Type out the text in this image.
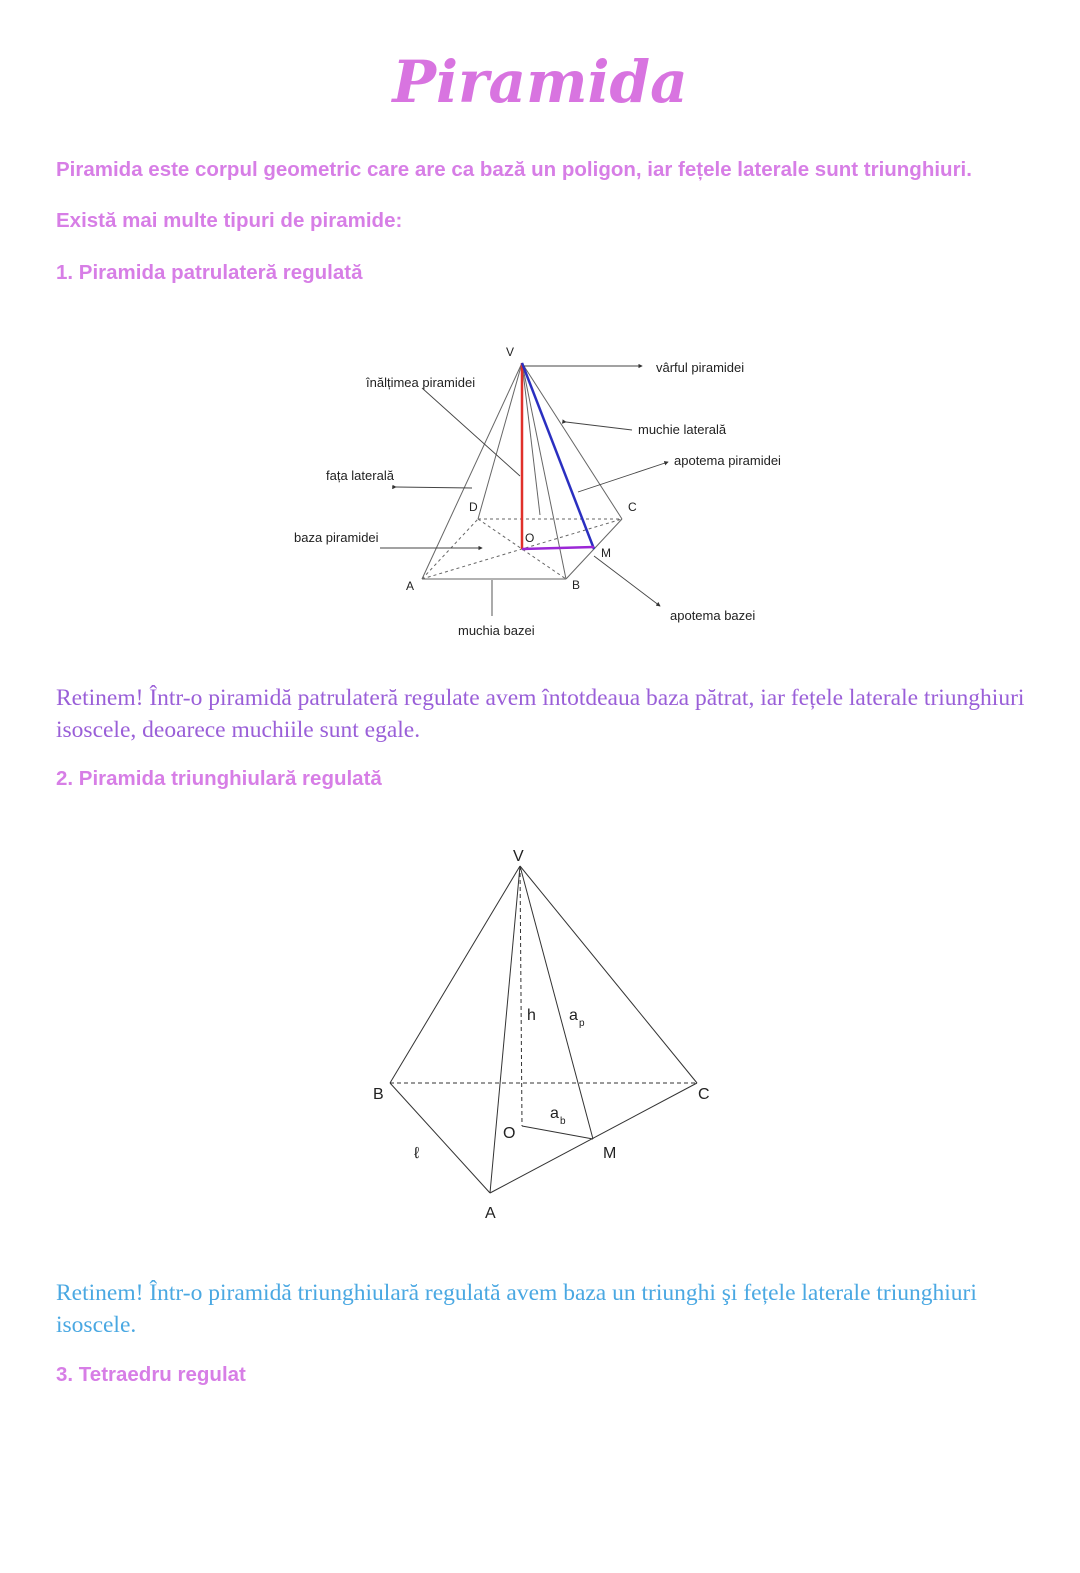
Piramida

Piramida este corpul geometric care are ca bază un poligon, iar fețele laterale sunt triunghiuri.

Există mai multe tipuri de piramide:

1. Piramida patrulateră regulată

V
A	B
C
D
O
M
vârful piramidei
înălțimea piramidei
muchie laterală
apotema piramidei
fața laterală
baza piramidei
apotema bazei
muchia bazei

Retinem! Într-o piramidă patrulateră regulate avem întotdeaua baza pătrat, iar fețele laterale triunghiuri isoscele, deoarece muchiile sunt egale.

2. Piramida triunghiulară regulată

V
B	C
A
O
M
h a p
a b
ℓ

Retinem! Într-o piramidă triunghiulară regulată avem baza un triunghi şi fețele laterale triunghiuri isoscele.

3. Tetraedru regulat
